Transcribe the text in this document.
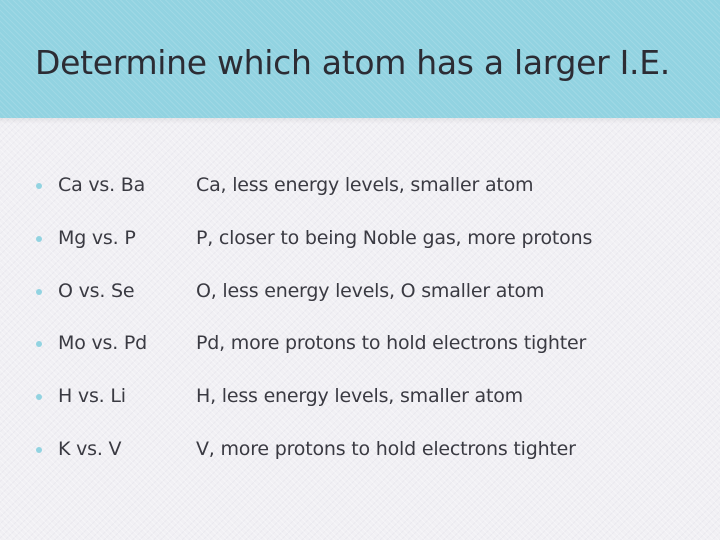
Determine which atom has a larger I.E.
Ca vs. Ba	Ca, less energy levels, smaller atom
Mg vs. P	P, closer to being Noble gas, more protons
O vs. Se	O, less energy levels, O smaller atom
Mo vs. Pd	Pd, more protons to hold electrons tighter
H vs. Li	H, less energy levels, smaller atom
K vs. V	V, more protons to hold electrons tighter
